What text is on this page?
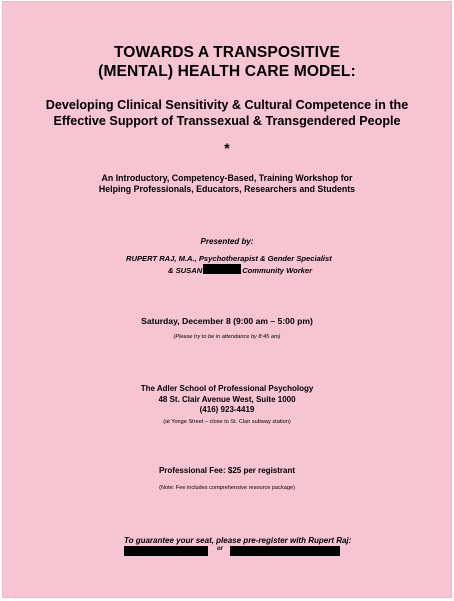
TOWARDS A TRANSPOSITIVE
(MENTAL) HEALTH CARE MODEL:
Developing Clinical Sensitivity & Cultural Competence in the
Effective Support of Transsexual & Transgendered People
*
An Introductory, Competency-Based, Training Workshop for
Helping Professionals, Educators, Researchers and Students
Presented by:
RUPERT RAJ, M.A., Psychotherapist & Gender Specialist
& SUSAN	Community Worker
Saturday, December 8 (9:00 am – 5:00 pm)
(Please try to be in attendance by 8:45 am)
The Adler School of Professional Psychology
48 St. Clair Avenue West, Suite 1000
(416) 923-4419
(at Yonge Street – close to St. Clair subway station)
Professional Fee: $25 per registrant
(Note: Fee includes comprehensive resource package)
To guarantee your seat, please pre-register with Rupert Raj:
or
